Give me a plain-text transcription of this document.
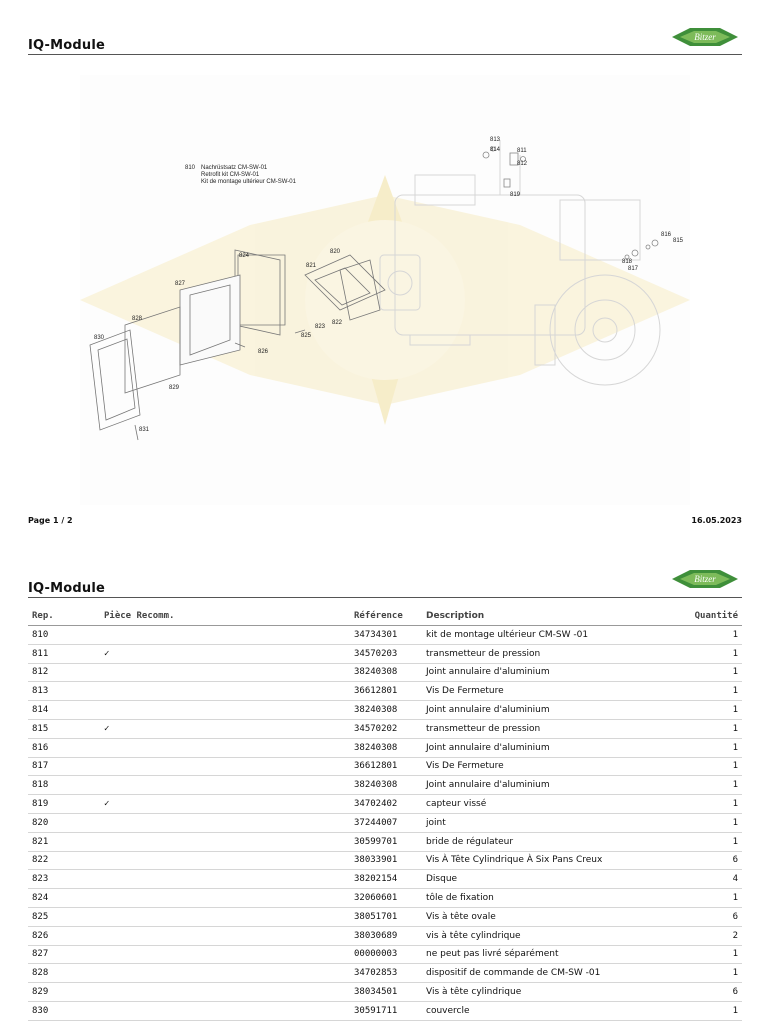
IQ-Module
Bitzer
810 Nachrüstsatz CM-SW-01
Retrofit kit CM-SW-01
Kit de montage ultérieur CM-SW-01
813
814	811
812
819
816
815
818
817
824
820
821
827
823
822
825
826
828
830
829
831
Page 1 / 2	16.05.2023
IQ-Module
Bitzer
Rep.	Pièce Recomm.	Référence	Description	Quantité
810		34734301	kit de montage ultérieur CM-SW -01	1
811	✓	34570203	transmetteur de pression	1
812		38240308	Joint annulaire d'aluminium	1
813		36612801	Vis De Fermeture	1
814		38240308	Joint annulaire d'aluminium	1
815	✓	34570202	transmetteur de pression	1
816		38240308	Joint annulaire d'aluminium	1
817		36612801	Vis De Fermeture	1
818		38240308	Joint annulaire d'aluminium	1
819	✓	34702402	capteur vissé	1
820		37244007	joint	1
821		30599701	bride de régulateur	1
822		38033901	Vis À Tête Cylindrique À Six Pans Creux	6
823		38202154	Disque	4
824		32060601	tôle de fixation	1
825		38051701	Vis à tête ovale	6
826		38030689	vis à tête cylindrique	2
827		00000003	ne peut pas livré séparément	1
828		34702853	dispositif de commande de CM-SW -01	1
829		38034501	Vis à tête cylindrique	6
830		30591711	couvercle	1
